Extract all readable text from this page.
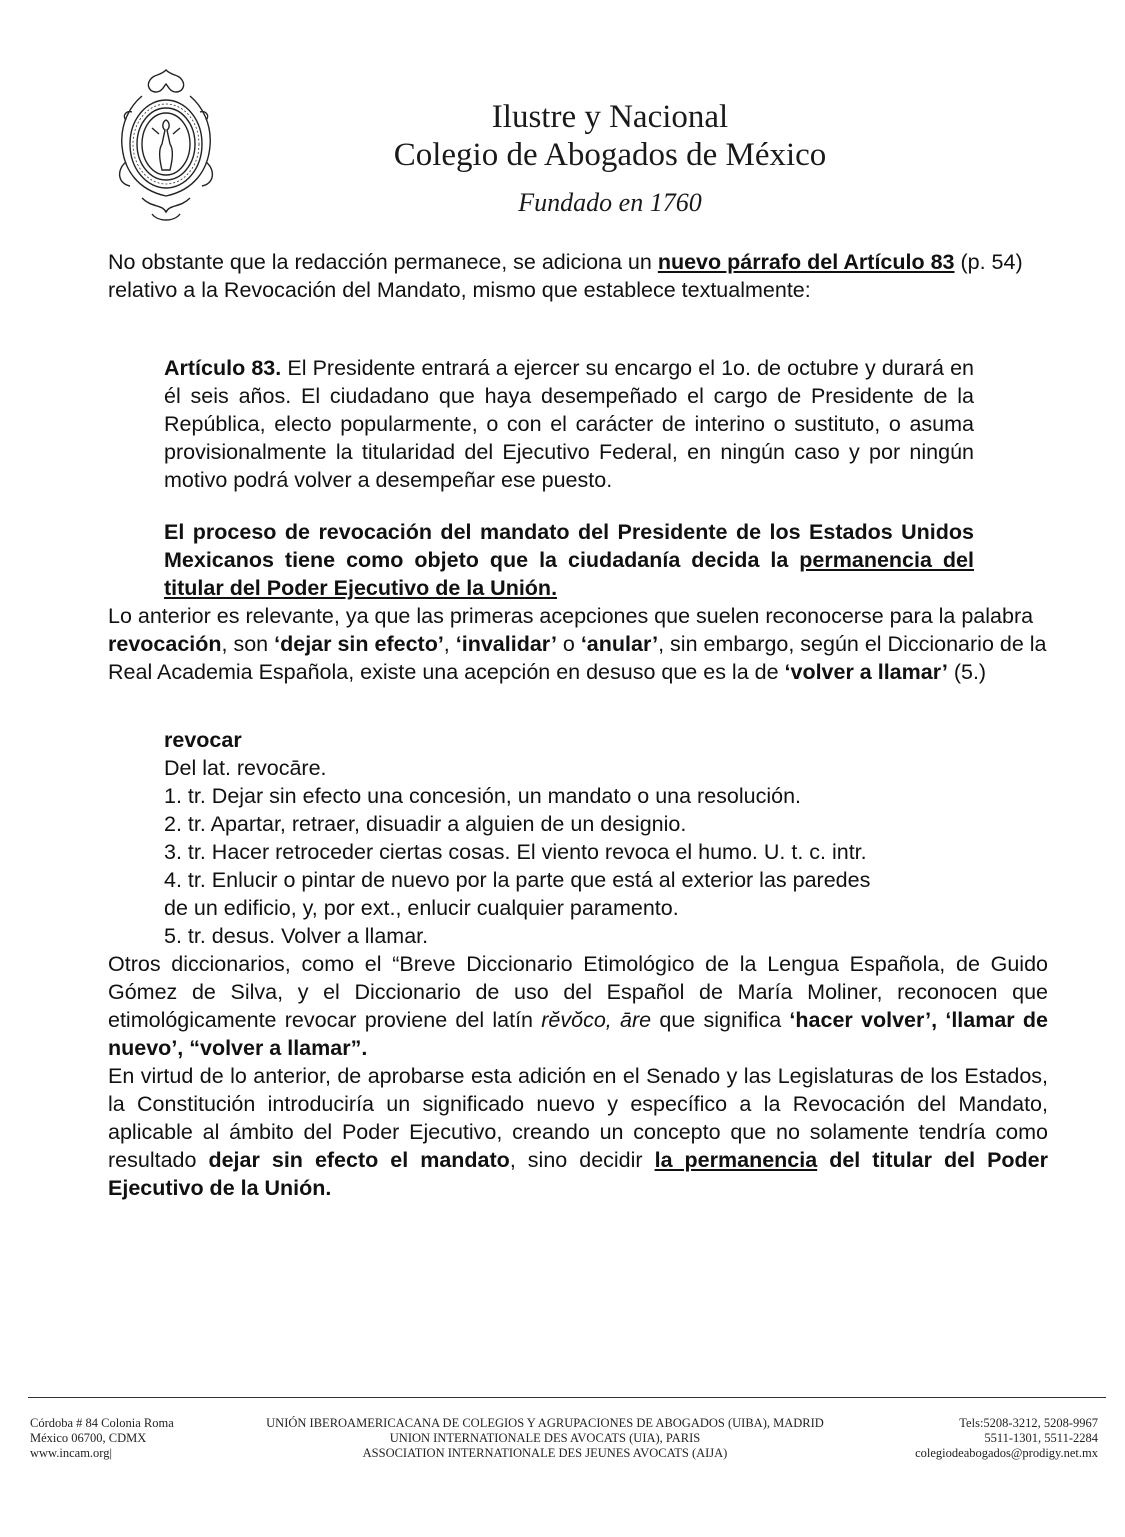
Ilustre y Nacional
Colegio de Abogados de México
Fundado en 1760

No obstante que la redacción permanece, se adiciona un nuevo párrafo del Artículo 83 (p. 54) relativo a la Revocación del Mandato, mismo que establece textualmente:

Artículo 83. El Presidente entrará a ejercer su encargo el 1o. de octubre y durará en él seis años. El ciudadano que haya desempeñado el cargo de Presidente de la República, electo popularmente, o con el carácter de interino o sustituto, o asuma provisionalmente la titularidad del Ejecutivo Federal, en ningún caso y por ningún motivo podrá volver a desempeñar ese puesto.

El proceso de revocación del mandato del Presidente de los Estados Unidos Mexicanos tiene como objeto que la ciudadanía decida la permanencia del titular del Poder Ejecutivo de la Unión.

Lo anterior es relevante, ya que las primeras acepciones que suelen reconocerse para la palabra revocación, son ‘dejar sin efecto’, ‘invalidar’ o ‘anular’, sin embargo, según el Diccionario de la Real Academia Española, existe una acepción en desuso que es la de ‘volver a llamar’ (5.)

revocar
Del lat. revocāre.
1. tr. Dejar sin efecto una concesión, un mandato o una resolución.
2. tr. Apartar, retraer, disuadir a alguien de un designio.
3. tr. Hacer retroceder ciertas cosas. El viento revoca el humo. U. t. c. intr.
4. tr. Enlucir o pintar de nuevo por la parte que está al exterior las paredes
de un edificio, y, por ext., enlucir cualquier paramento.
5. tr. desus. Volver a llamar.

Otros diccionarios, como el “Breve Diccionario Etimológico de la Lengua Española, de Guido Gómez de Silva, y el Diccionario de uso del Español de María Moliner, reconocen que etimológicamente revocar proviene del latín rĕvŏco, āre que significa ‘hacer volver’, ‘llamar de nuevo’, “volver a llamar”.

En virtud de lo anterior, de aprobarse esta adición en el Senado y las Legislaturas de los Estados, la Constitución introduciría un significado nuevo y específico a la Revocación del Mandato, aplicable al ámbito del Poder Ejecutivo, creando un concepto que no solamente tendría como resultado dejar sin efecto el mandato, sino decidir la permanencia del titular del Poder Ejecutivo de la Unión.

Córdoba # 84 Colonia Roma
México 06700, CDMX
www.incam.org|
UNIÓN IBEROAMERICACANA DE COLEGIOS Y AGRUPACIONES DE ABOGADOS (UIBA), MADRID
UNION INTERNATIONALE DES AVOCATS (UIA), PARIS
ASSOCIATION INTERNATIONALE DES JEUNES AVOCATS (AIJA)
Tels:5208-3212, 5208-9967
5511-1301, 5511-2284
colegiodeabogados@prodigy.net.mx
